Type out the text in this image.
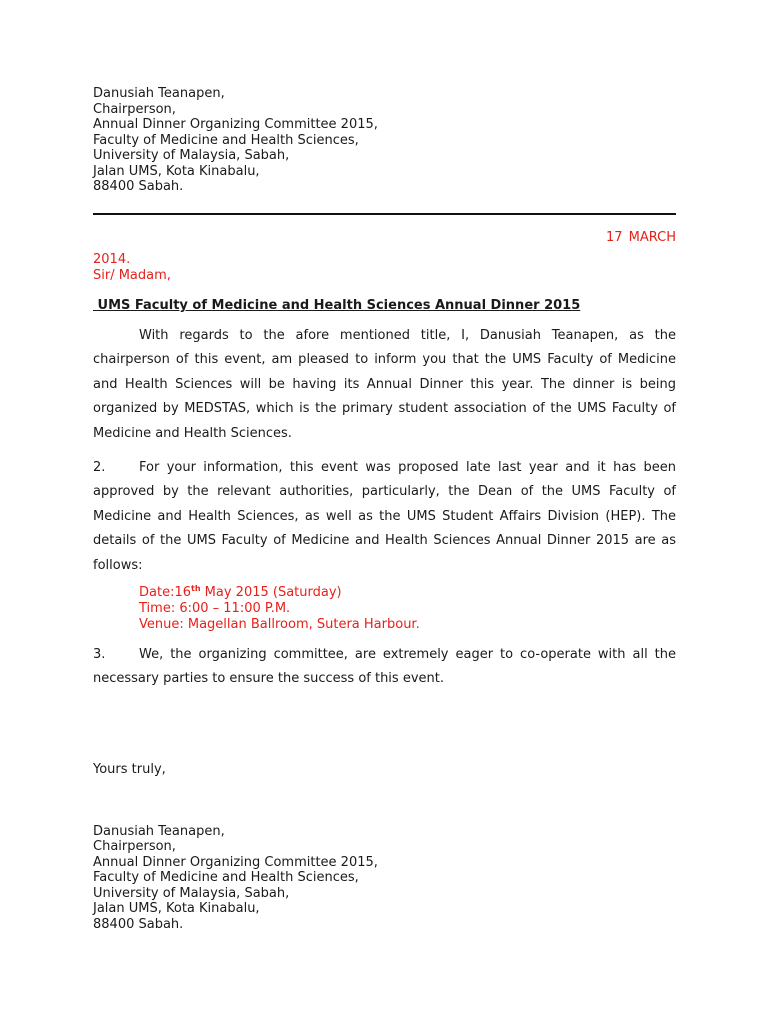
Danusiah Teanapen,
Chairperson,
Annual Dinner Organizing Committee 2015,
Faculty of Medicine and Health Sciences,
University of Malaysia, Sabah,
Jalan UMS, Kota Kinabalu,
88400 Sabah.
17 MARCH
2014.
Sir/ Madam,
UMS Faculty of Medicine and Health Sciences Annual Dinner 2015
With regards to the afore mentioned title, I, Danusiah Teanapen, as the chairperson of this event, am pleased to inform you that the UMS Faculty of Medicine and Health Sciences will be having its Annual Dinner this year. The dinner is being organized by MEDSTAS, which is the primary student association of the UMS Faculty of Medicine and Health Sciences.
2.	For your information, this event was proposed late last year and it has been approved by the relevant authorities, particularly, the Dean of the UMS Faculty of Medicine and Health Sciences, as well as the UMS Student Affairs Division (HEP). The details of the UMS Faculty of Medicine and Health Sciences Annual Dinner 2015 are as follows:
Date:16th May 2015 (Saturday)
Time: 6:00 – 11:00 P.M.
Venue: Magellan Ballroom, Sutera Harbour.
3.	We, the organizing committee, are extremely eager to co-operate with all the necessary parties to ensure the success of this event.
Yours truly,
Danusiah Teanapen,
Chairperson,
Annual Dinner Organizing Committee 2015,
Faculty of Medicine and Health Sciences,
University of Malaysia, Sabah,
Jalan UMS, Kota Kinabalu,
88400 Sabah.
